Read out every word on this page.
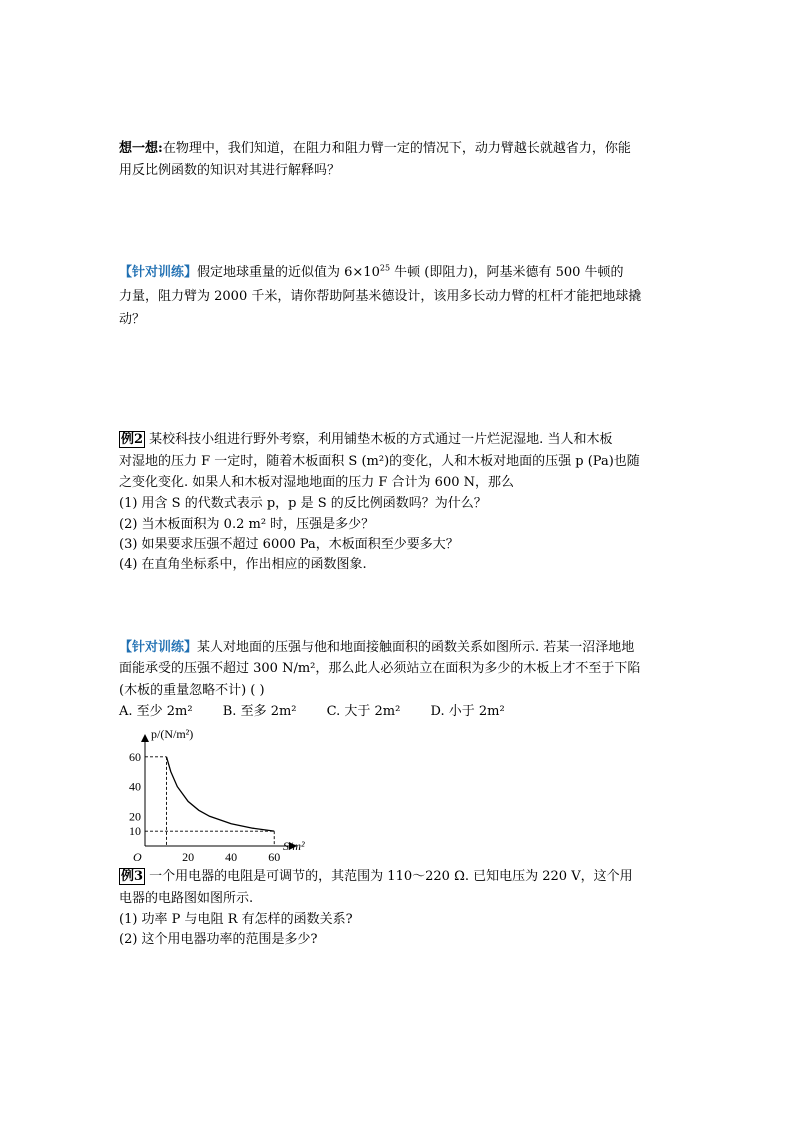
想一想:在物理中，我们知道，在阻力和阻力臂一定的情况下，动力臂越长就越省力，你能
用反比例函数的知识对其进行解释吗？
【针对训练】假定地球重量的近似值为 $6\times 10^{25}$ 牛顿 (即阻力)，阿基米德有 500 牛顿的
力量，阻力臂为 2000 千米，请你帮助阿基米德设计，该用多长动力臂的杠杆才能把地球撬
动？
例2 某校科技小组进行野外考察，利用铺垫木板的方式通过一片烂泥湿地. 当人和木板
对湿地的压力 F 一定时，随着木板面积 S (m²)的变化，人和木板对地面的压强 p (Pa)也随
之变化变化. 如果人和木板对湿地地面的压力 F 合计为 600 N，那么
(1) 用含 S 的代数式表示 p，p 是 S 的反比例函数吗？为什么？
(2) 当木板面积为 0.2 m² 时，压强是多少？
(3) 如果要求压强不超过 6000 Pa，木板面积至少要多大？
(4) 在直角坐标系中，作出相应的函数图象.
【针对训练】某人对地面的压强与他和地面接触面积的函数关系如图所示. 若某一沼泽地地
面能承受的压强不超过 300 N/m²，那么此人必须站立在面积为多少的木板上才不至于下陷
(木板的重量忽略不计) ( )
A. 至少 2m² B. 至多 2m² C. 大于 2m² D. 小于 2m²
10
20
40
60
20	40	60
p/(N/m²)
S/m²
O
例3 一个用电器的电阻是可调节的，其范围为 110～220 Ω. 已知电压为 220 V，这个用
电器的电路图如图所示.
(1) 功率 P 与电阻 R 有怎样的函数关系?
(2) 这个用电器功率的范围是多少?
